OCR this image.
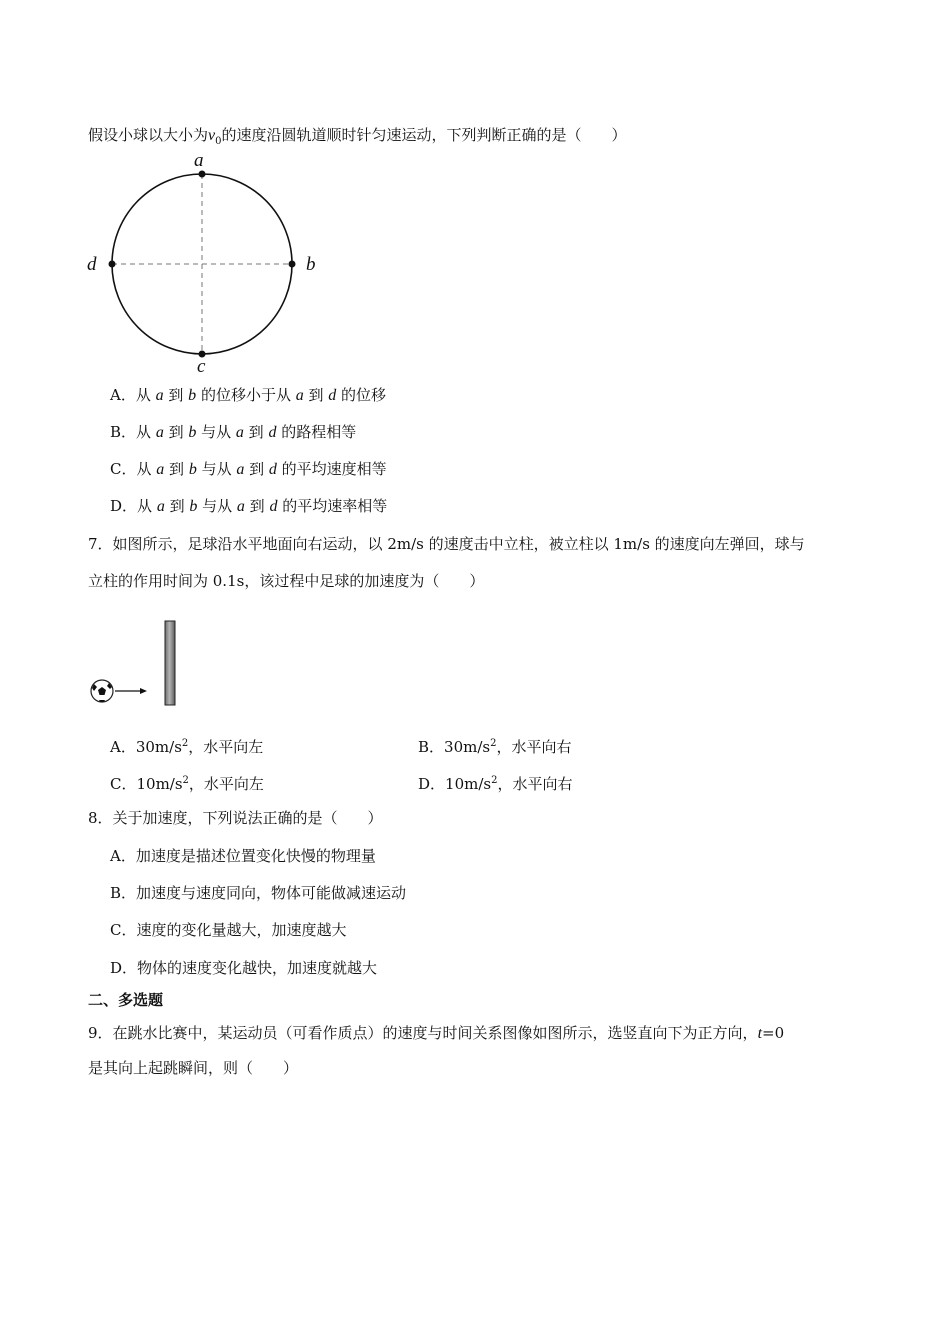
假设小球以大小为$v_0$的速度沿圆轨道顺时针匀速运动，下列判断正确的是（　　）
a
b
c
d
A．从 a 到 b 的位移小于从 a 到 d 的位移
B．从 a 到 b 与从 a 到 d 的路程相等
C．从 a 到 b 与从 a 到 d 的平均速度相等
D．从 a 到 b 与从 a 到 d 的平均速率相等
7．如图所示，足球沿水平地面向右运动，以 2m/s 的速度击中立柱，被立柱以 1m/s 的速度向左弹回，球与
立柱的作用时间为 0.1s，该过程中足球的加速度为（　　）
A．$30m/s^2$，水平向左	B．$30m/s^2$，水平向右
C．$10m/s^2$，水平向左	D．$10m/s^2$，水平向右
8．关于加速度，下列说法正确的是（　　）
A．加速度是描述位置变化快慢的物理量
B．加速度与速度同向，物体可能做减速运动
C．速度的变化量越大，加速度越大
D．物体的速度变化越快，加速度就越大
二、多选题
9．在跳水比赛中，某运动员（可看作质点）的速度与时间关系图像如图所示，选竖直向下为正方向，t=0
是其向上起跳瞬间，则（　　）
